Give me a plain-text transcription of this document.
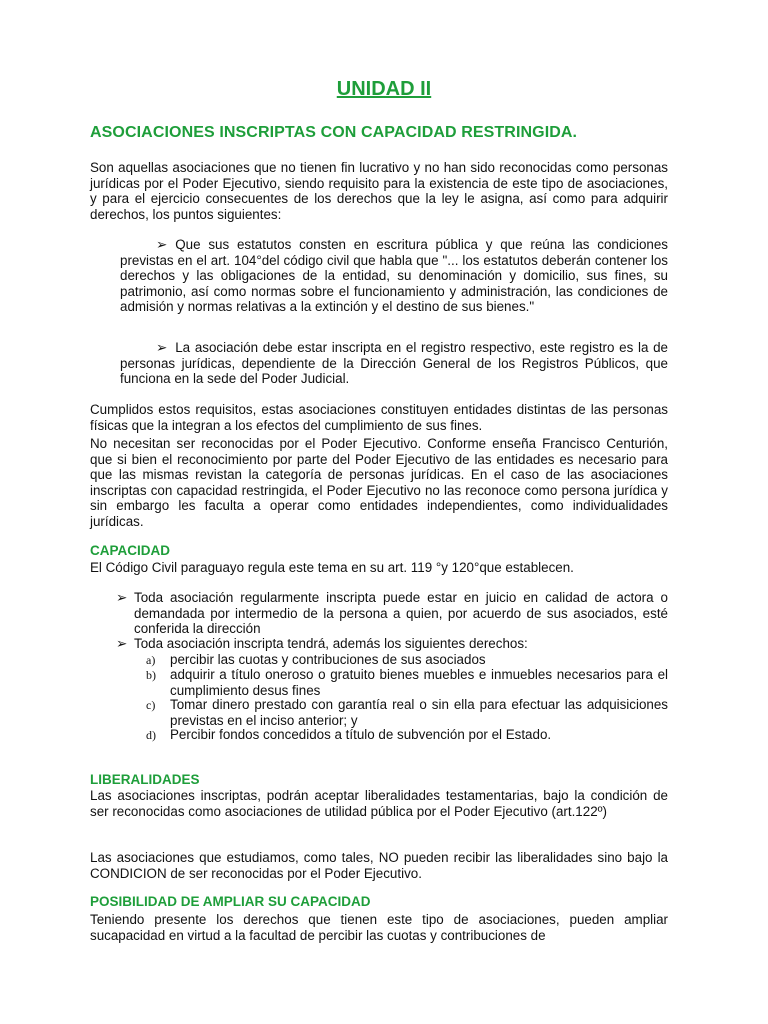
UNIDAD II
ASOCIACIONES INSCRIPTAS CON CAPACIDAD RESTRINGIDA.

Son aquellas asociaciones que no tienen fin lucrativo y no han sido reconocidas como personas jurídicas por el Poder Ejecutivo, siendo requisito para la existencia de este tipo de asociaciones, y para el ejercicio consecuentes de los derechos que la ley le asigna, así como para adquirir derechos, los puntos siguientes:

➢ Que sus estatutos consten en escritura pública y que reúna las condiciones previstas en el art. 104°del código civil que habla que "... los estatutos deberán contener los derechos y las obligaciones de la entidad, su denominación y domicilio, sus fines, su patrimonio, así como normas sobre el funcionamiento y administración, las condiciones de admisión y normas relativas a la extinción y el destino de sus bienes."

➢ La asociación debe estar inscripta en el registro respectivo, este registro es la de personas jurídicas, dependiente de la Dirección General de los Registros Públicos, que funciona en la sede del Poder Judicial.

Cumplidos estos requisitos, estas asociaciones constituyen entidades distintas de las personas físicas que la integran a los efectos del cumplimiento de sus fines.

No necesitan ser reconocidas por el Poder Ejecutivo. Conforme enseña Francisco Centurión, que si bien el reconocimiento por parte del Poder Ejecutivo de las entidades es necesario para que las mismas revistan la categoría de personas jurídicas. En el caso de las asociaciones inscriptas con capacidad restringida, el Poder Ejecutivo no las reconoce como persona jurídica y sin embargo les faculta a operar como entidades independientes, como individualidades jurídicas.

CAPACIDAD

El Código Civil paraguayo regula este tema en su art. 119 °y 120°que establecen.

➢ Toda asociación regularmente inscripta puede estar en juicio en calidad de actora o demandada por intermedio de la persona a quien, por acuerdo de sus asociados, esté conferida la dirección
➢ Toda asociación inscripta tendrá, además los siguientes derechos:
a) percibir las cuotas y contribuciones de sus asociados
b) adquirir a título oneroso o gratuito bienes muebles e inmuebles necesarios para el cumplimiento desus fines
c) Tomar dinero prestado con garantía real o sin ella para efectuar las adquisiciones previstas en el inciso anterior; y
d) Percibir fondos concedidos a título de subvención por el Estado.
LIBERALIDADES

Las asociaciones inscriptas, podrán aceptar liberalidades testamentarias, bajo la condición de ser reconocidas como asociaciones de utilidad pública por el Poder Ejecutivo (art.122º)

Las asociaciones que estudiamos, como tales, NO pueden recibir las liberalidades sino bajo la CONDICION de ser reconocidas por el Poder Ejecutivo.

POSIBILIDAD DE AMPLIAR SU CAPACIDAD

Teniendo presente los derechos que tienen este tipo de asociaciones, pueden ampliar sucapacidad en virtud a la facultad de percibir las cuotas y contribuciones de
